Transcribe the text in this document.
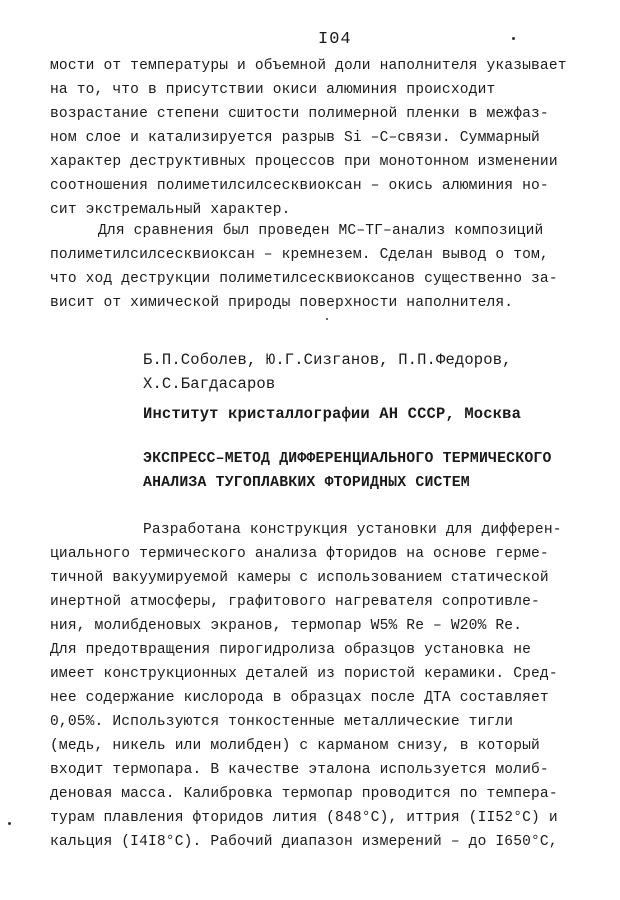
I04
мости от температуры и объемной доли наполнителя указывает
на то, что в присутствии окиси алюминия происходит
возрастание степени сшитости полимерной пленки в межфаз-
ном слое и катализируется разрыв Si –C–связи. Суммарный
характер деструктивных процессов при монотонном изменении
соотношения полиметилсилсесквиоксан – окись алюминия но-
сит экстремальный характер.
Для сравнения был проведен МС–ТГ–анализ композиций
полиметилсилсесквиоксан – кремнезем. Сделан вывод о том,
что ход деструкции полиметилсесквиоксанов существенно за-
висит от химической природы поверхности наполнителя.
Б.П.Соболев, Ю.Г.Сизганов, П.П.Федоров,
Х.С.Багдасаров
Институт кристаллографии АН СССР, Москва
ЭКСПРЕСС–МЕТОД ДИФФЕРЕНЦИАЛЬНОГО ТЕРМИЧЕСКОГО
АНАЛИЗА ТУГОПЛАВКИХ ФТОРИДНЫХ СИСТЕМ
Разработана конструкция установки для дифферен-
циального термического анализа фторидов на основе герме-
тичной вакуумируемой камеры с использованием статической
инертной атмосферы, графитового нагревателя сопротивле-
ния, молибденовых экранов, термопар W5% Re – W20% Re.
Для предотвращения пирогидролиза образцов установка не
имеет конструкционных деталей из пористой керамики. Сред-
нее содержание кислорода в образцах после ДТА составляет
0,05%. Используются тонкостенные металлические тигли
(медь, никель или молибден) с карманом снизу, в который
входит термопара. В качестве эталона используется молиб-
деновая масса. Калибровка термопар проводится по темпера-
турам плавления фторидов лития (848°С), иттрия (II52°С) и
кальция (I4I8°С). Рабочий диапазон измерений – до I650°С,
